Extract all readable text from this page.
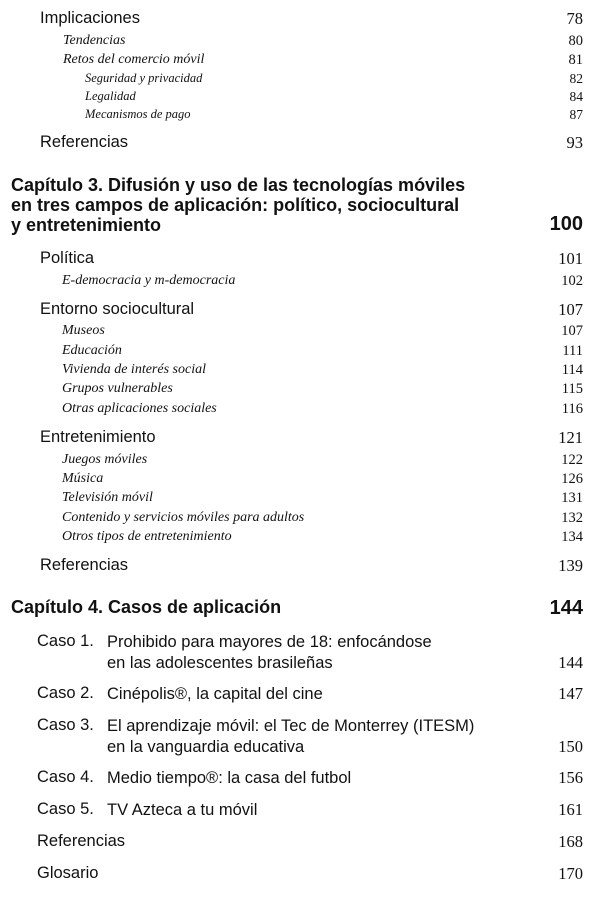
Implicaciones	78
Tendencias	80
Retos del comercio móvil	81
Seguridad y privacidad	82
Legalidad	84
Mecanismos de pago	87
Referencias	93
Capítulo 3. Difusión y uso de las tecnologías móviles
en tres campos de aplicación: político, sociocultural
y entretenimiento	100
Política	101
E-democracia y m-democracia	102
Entorno sociocultural	107
Museos	107
Educación	111
Vivienda de interés social	114
Grupos vulnerables	115
Otras aplicaciones sociales	116
Entretenimiento	121
Juegos móviles	122
Música	126
Televisión móvil	131
Contenido y servicios móviles para adultos	132
Otros tipos de entretenimiento	134
Referencias	139
Capítulo 4. Casos de aplicación	144
Caso 1. Prohibido para mayores de 18: enfocándose
en las adolescentes brasileñas	144
Caso 2. Cinépolis®, la capital del cine	147
Caso 3. El aprendizaje móvil: el Tec de Monterrey (ITESM)
en la vanguardia educativa	150
Caso 4. Medio tiempo®: la casa del futbol	156
Caso 5. TV Azteca a tu móvil	161
Referencias	168
Glosario	170
